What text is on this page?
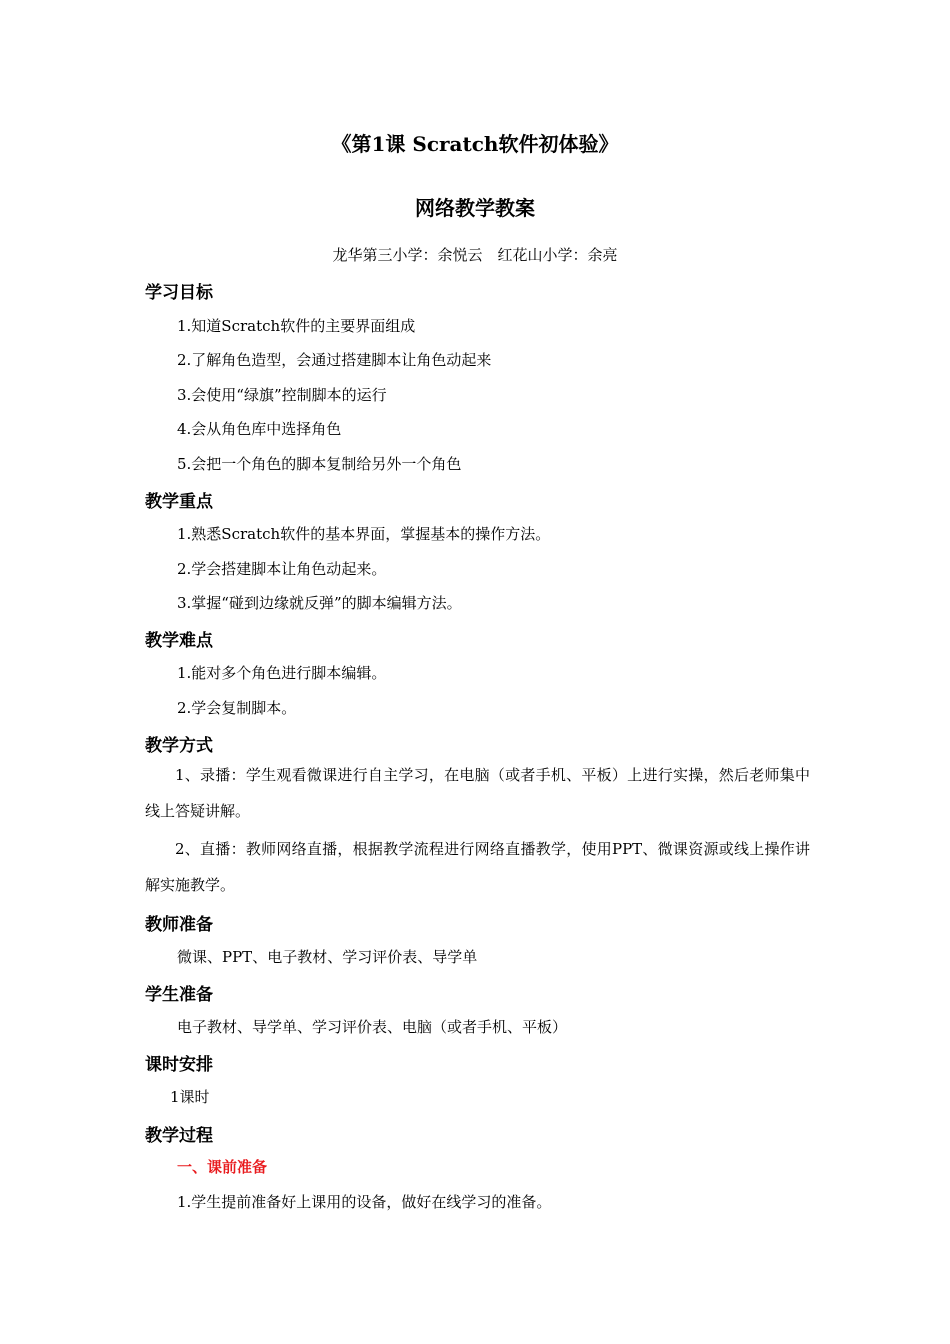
《第1课 Scratch软件初体验》
网络教学教案
龙华第三小学：余悦云　红花山小学：余亮
学习目标
1.知道Scratch软件的主要界面组成
2.了解角色造型，会通过搭建脚本让角色动起来
3.会使用“绿旗”控制脚本的运行
4.会从角色库中选择角色
5.会把一个角色的脚本复制给另外一个角色
教学重点
1.熟悉Scratch软件的基本界面，掌握基本的操作方法。
2.学会搭建脚本让角色动起来。
3.掌握“碰到边缘就反弹”的脚本编辑方法。
教学难点
1.能对多个角色进行脚本编辑。
2.学会复制脚本。
教学方式
1、录播：学生观看微课进行自主学习，在电脑（或者手机、平板）上进行实操，然后老师集中线上答疑讲解。
2、直播：教师网络直播，根据教学流程进行网络直播教学，使用PPT、微课资源或线上操作讲解实施教学。
教师准备
微课、PPT、电子教材、学习评价表、导学单
学生准备
电子教材、导学单、学习评价表、电脑（或者手机、平板）
课时安排
1课时
教学过程
一、课前准备
1.学生提前准备好上课用的设备，做好在线学习的准备。
